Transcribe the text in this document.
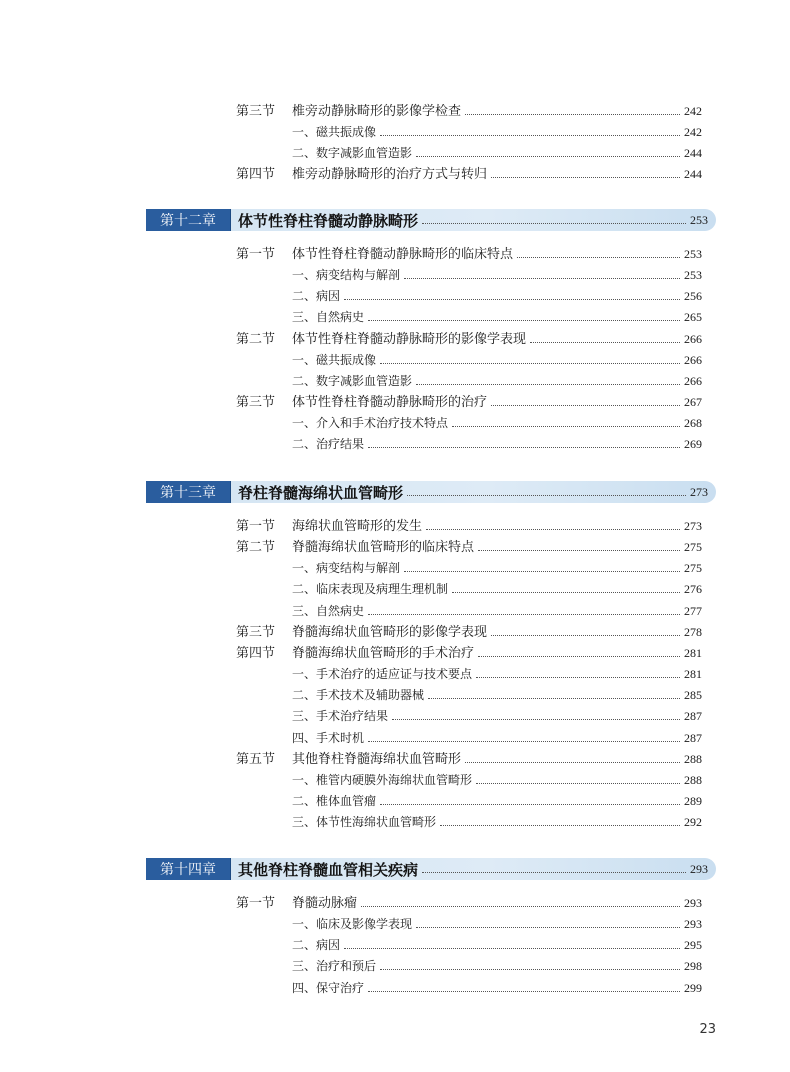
第三节	椎旁动静脉畸形的影像学检查	242
一、磁共振成像	242
二、数字减影血管造影	244
第四节	椎旁动静脉畸形的治疗方式与转归	244
第十二章	体节性脊柱脊髓动静脉畸形	253
第一节	体节性脊柱脊髓动静脉畸形的临床特点	253
一、病变结构与解剖	253
二、病因	256
三、自然病史	265
第二节	体节性脊柱脊髓动静脉畸形的影像学表现	266
一、磁共振成像	266
二、数字减影血管造影	266
第三节	体节性脊柱脊髓动静脉畸形的治疗	267
一、介入和手术治疗技术特点	268
二、治疗结果	269
第十三章	脊柱脊髓海绵状血管畸形	273
第一节	海绵状血管畸形的发生	273
第二节	脊髓海绵状血管畸形的临床特点	275
一、病变结构与解剖	275
二、临床表现及病理生理机制	276
三、自然病史	277
第三节	脊髓海绵状血管畸形的影像学表现	278
第四节	脊髓海绵状血管畸形的手术治疗	281
一、手术治疗的适应证与技术要点	281
二、手术技术及辅助器械	285
三、手术治疗结果	287
四、手术时机	287
第五节	其他脊柱脊髓海绵状血管畸形	288
一、椎管内硬膜外海绵状血管畸形	288
二、椎体血管瘤	289
三、体节性海绵状血管畸形	292
第十四章	其他脊柱脊髓血管相关疾病	293
第一节	脊髓动脉瘤	293
一、临床及影像学表现	293
二、病因	295
三、治疗和预后	298
四、保守治疗	299
23
